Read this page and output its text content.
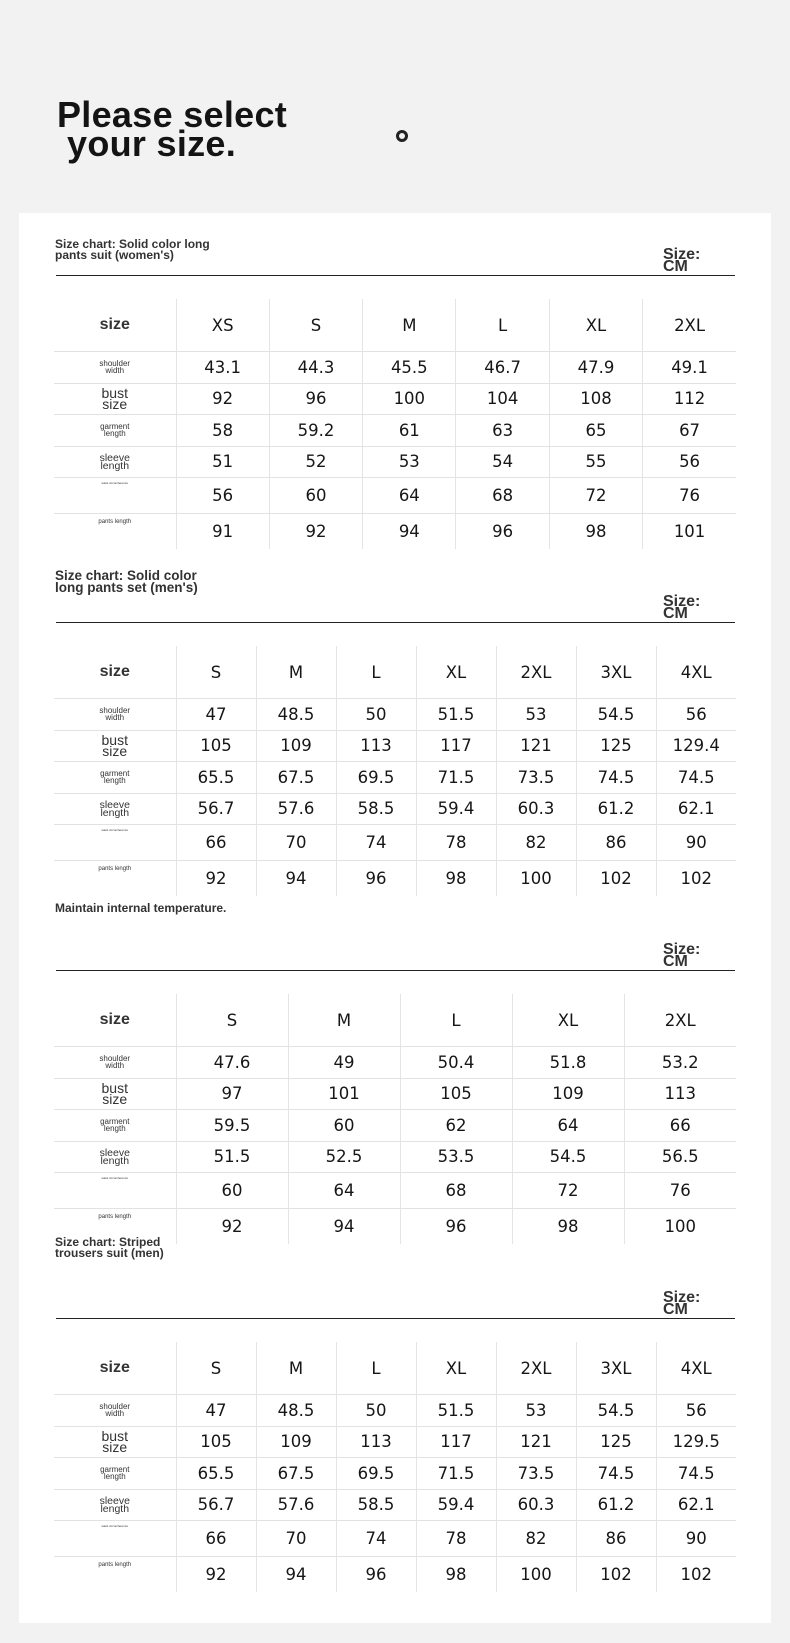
Please select
your size.
Size chart: Solid color long
pants suit (women's)	Size:
CM
size	XS	S	M	L	XL	2XL
shoulder
width	43.1	44.3	45.5	46.7	47.9	49.1
bust
size	92	96	100	104	108	112
garment
length	58	59.2	61	63	65	67
sleeve
length	51	52	53	54	55	56
waist circumference	56	60	64	68	72	76
pants length	91	92	94	96	98	101
Size chart: Solid color
long pants set (men's)
Size:
CM
size	S	M	L	XL	2XL	3XL	4XL
shoulder
width	47	48.5	50	51.5	53	54.5	56
bust
size	105	109	113	117	121	125	129.4
garment
length	65.5	67.5	69.5	71.5	73.5	74.5	74.5
sleeve
length	56.7	57.6	58.5	59.4	60.3	61.2	62.1
waist circumference	66	70	74	78	82	86	90
pants length	92	94	96	98	100	102	102
Maintain internal temperature.
Size:
CM
size	S	M	L	XL	2XL
shoulder
width	47.6	49	50.4	51.8	53.2
bust
size	97	101	105	109	113
garment
length	59.5	60	62	64	66
sleeve
length	51.5	52.5	53.5	54.5	56.5
waist circumference	60	64	68	72	76
pants length	92	94	96	98	100
Size chart: Striped
trousers suit (men)
Size:
CM
size	S	M	L	XL	2XL	3XL	4XL
shoulder
width	47	48.5	50	51.5	53	54.5	56
bust
size	105	109	113	117	121	125	129.5
garment
length	65.5	67.5	69.5	71.5	73.5	74.5	74.5
sleeve
length	56.7	57.6	58.5	59.4	60.3	61.2	62.1
waist circumference	66	70	74	78	82	86	90
pants length	92	94	96	98	100	102	102
